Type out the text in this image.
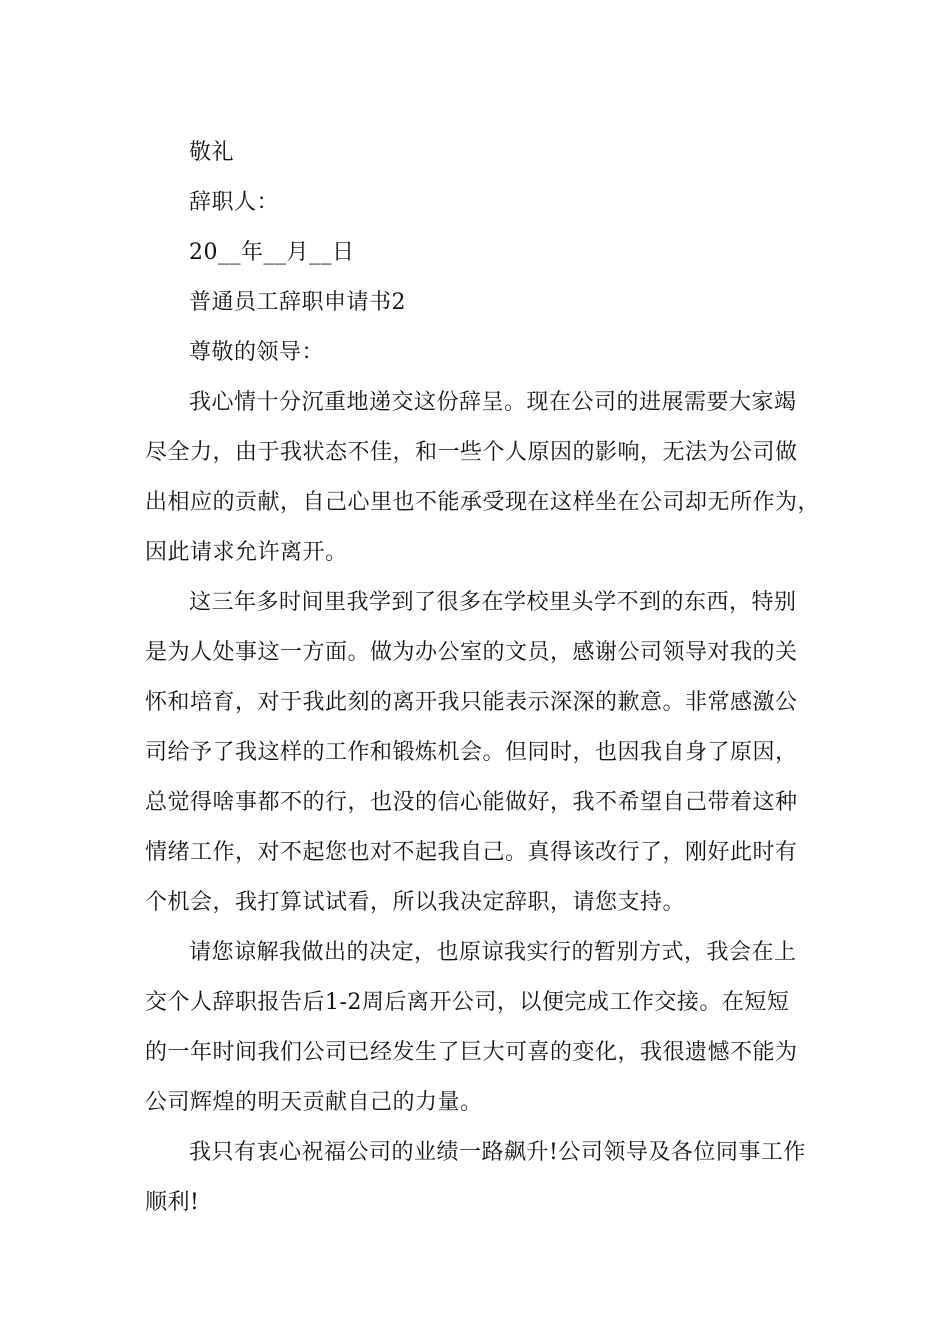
敬礼
辞职人：
20__年__月__日
普通员工辞职申请书2
尊敬的领导：
我心情十分沉重地递交这份辞呈。现在公司的进展需要大家竭
尽全力，由于我状态不佳，和一些个人原因的影响，无法为公司做
出相应的贡献，自己心里也不能承受现在这样坐在公司却无所作为，
因此请求允许离开。
这三年多时间里我学到了很多在学校里头学不到的东西，特别
是为人处事这一方面。做为办公室的文员，感谢公司领导对我的关
怀和培育，对于我此刻的离开我只能表示深深的歉意。非常感激公
司给予了我这样的工作和锻炼机会。但同时，也因我自身了原因，
总觉得啥事都不的行，也没的信心能做好，我不希望自己带着这种
情绪工作，对不起您也对不起我自己。真得该改行了，刚好此时有
个机会，我打算试试看，所以我决定辞职，请您支持。
请您谅解我做出的决定，也原谅我实行的暂别方式，我会在上
交个人辞职报告后1-2周后离开公司，以便完成工作交接。在短短
的一年时间我们公司已经发生了巨大可喜的变化，我很遗憾不能为
公司辉煌的明天贡献自己的力量。
我只有衷心祝福公司的业绩一路飙升!公司领导及各位同事工作
顺利!
